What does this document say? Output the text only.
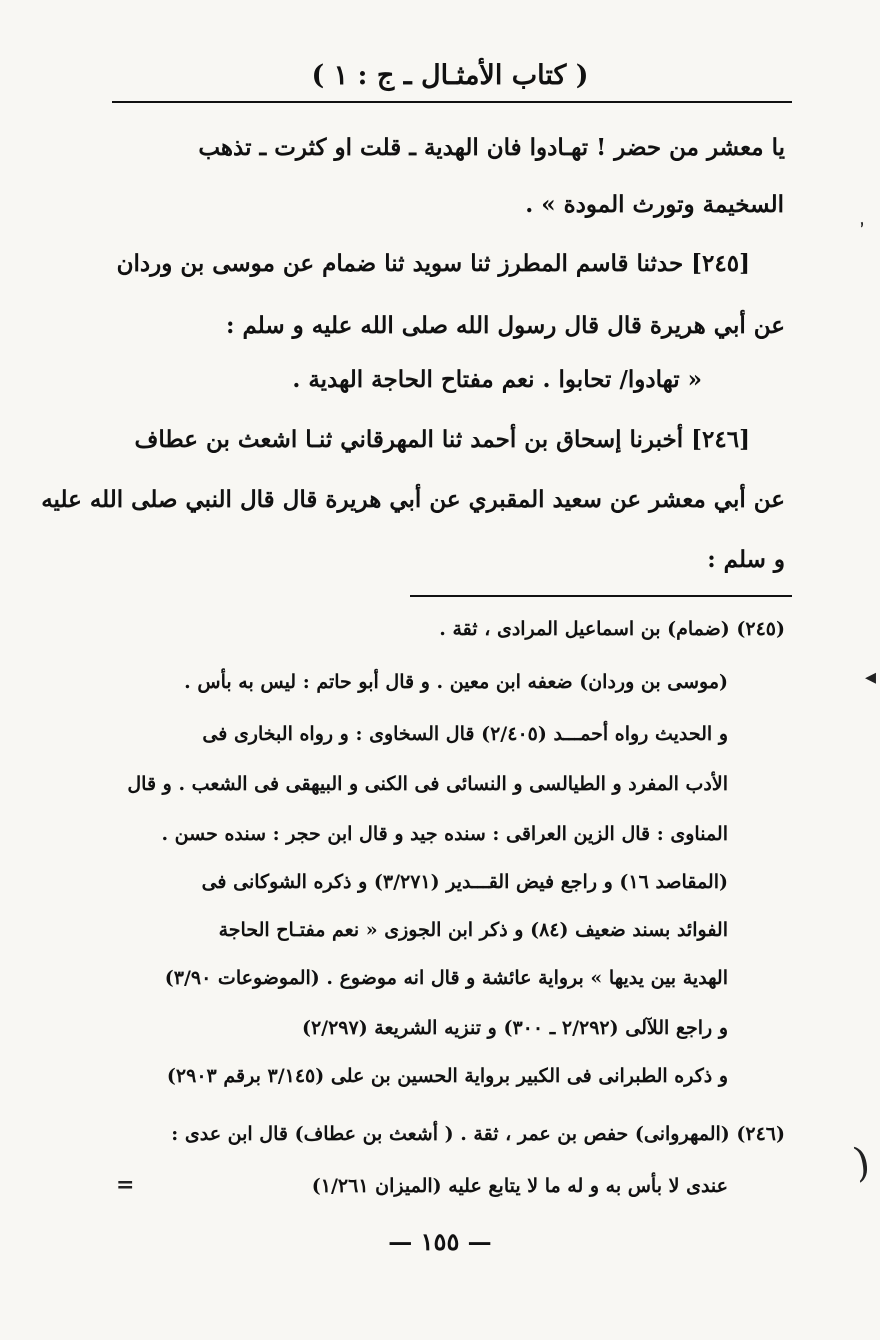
( كتاب الأمثـال ـ ج : ١ )
يا معشر من حضر ! تهـادوا فان الهدية ـ قلت او كثرت ـ تذهب
السخيمة وتورث المودة » .
[٢٤٥] حدثنا قاسم المطرز ثنا سويد ثنا ضمام عن موسى بن وردان
عن أبي هريرة قال قال رسول الله صلى الله عليه و سلم :
« تهادوا/ تحابوا . نعم مفتاح الحاجة الهدية .
[٢٤٦] أخبرنا إسحاق بن أحمد ثنا المهرقاني ثنـا اشعث بن عطاف
عن أبي معشر عن سعيد المقبري عن أبي هريرة قال قال النبي صلى الله عليه
و سلم :
(٢٤٥) (ضمام) بن اسماعيل المرادى ، ثقة .
(موسى بن وردان) ضعفه ابن معين . و قال أبو حاتم : ليس به بأس .
و الحديث رواه أحمـــد (٢/٤٠٥) قال السخاوى : و رواه البخارى فى
الأدب المفرد و الطيالسى و النسائى فى الكنى و البيهقى فى الشعب . و قال
المناوى : قال الزين العراقى : سنده جيد و قال ابن حجر : سنده حسن .
(المقاصد ١٦) و راجع فيض القـــدير (٣/٢٧١) و ذكره الشوكانى فى
الفوائد بسند ضعيف (٨٤) و ذكر ابن الجوزى « نعم مفتـاح الحاجة
الهدية بين يديها » برواية عائشة و قال انه موضوع . (الموضوعات ٣/٩٠)
و راجع اللآلى (٢/٢٩٢ ـ ٣٠٠) و تنزيه الشريعة (٢/٢٩٧)
و ذكره الطبرانى فى الكبير برواية الحسين بن على (٣/١٤٥ برقم ٢٩٠٣)
(٢٤٦) (المهروانى) حفص بن عمر ، ثقة . ( أشعث بن عطاف) قال ابن عدى :
عندى لا بأس به و له ما لا يتابع عليه (الميزان ١/٢٦١)
=
— ١٥٥ —
ʼ
◂
(
